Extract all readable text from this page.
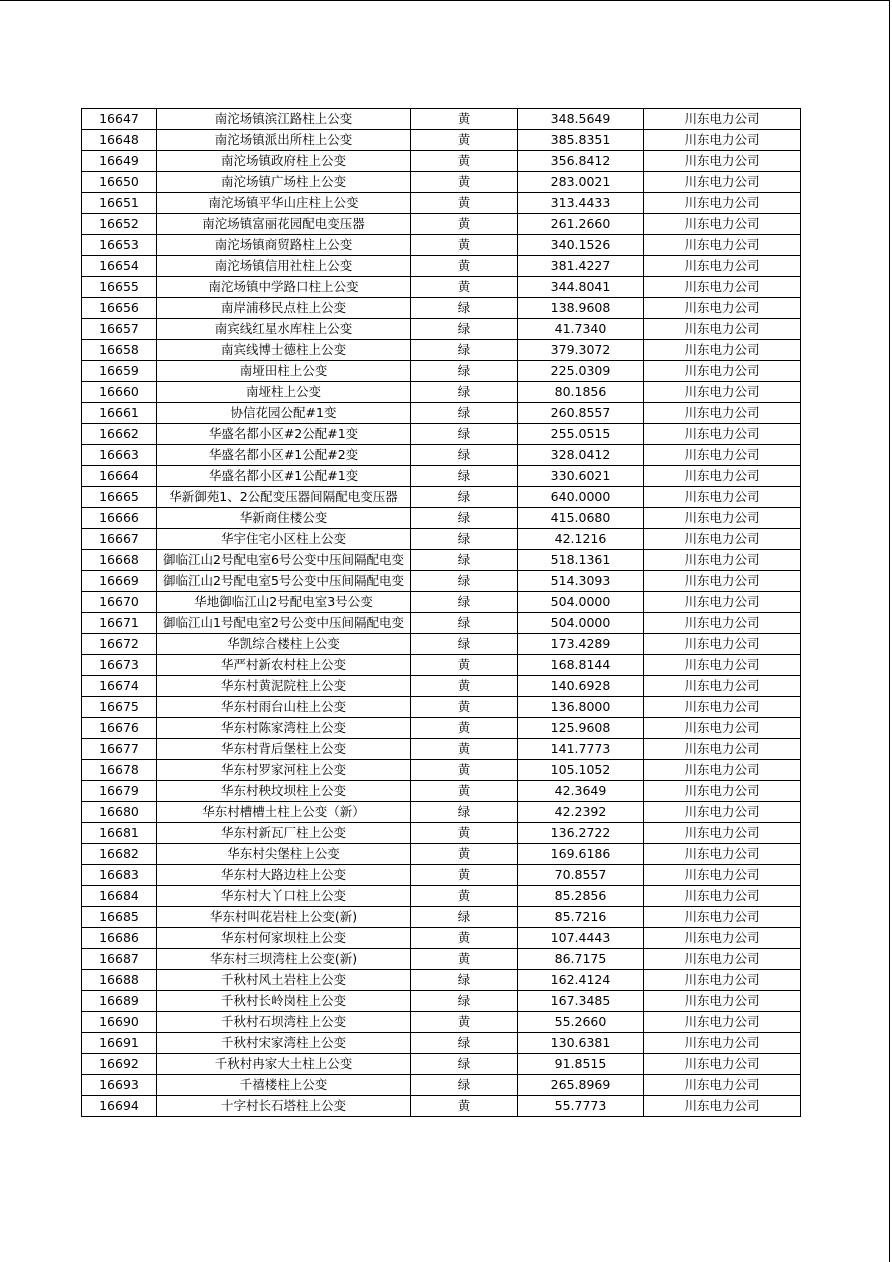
16647	南沱场镇滨江路柱上公变	黄	348.5649	川东电力公司
16648	南沱场镇派出所柱上公变	黄	385.8351	川东电力公司
16649	南沱场镇政府柱上公变	黄	356.8412	川东电力公司
16650	南沱场镇广场柱上公变	黄	283.0021	川东电力公司
16651	南沱场镇平华山庄柱上公变	黄	313.4433	川东电力公司
16652	南沱场镇富丽花园配电变压器	黄	261.2660	川东电力公司
16653	南沱场镇商贸路柱上公变	黄	340.1526	川东电力公司
16654	南沱场镇信用社柱上公变	黄	381.4227	川东电力公司
16655	南沱场镇中学路口柱上公变	黄	344.8041	川东电力公司
16656	南岸浦移民点柱上公变	绿	138.9608	川东电力公司
16657	南宾线红星水库柱上公变	绿	41.7340	川东电力公司
16658	南宾线博士德柱上公变	绿	379.3072	川东电力公司
16659	南垭田柱上公变	绿	225.0309	川东电力公司
16660	南垭柱上公变	绿	80.1856	川东电力公司
16661	协信花园公配#1变	绿	260.8557	川东电力公司
16662	华盛名都小区#2公配#1变	绿	255.0515	川东电力公司
16663	华盛名都小区#1公配#2变	绿	328.0412	川东电力公司
16664	华盛名都小区#1公配#1变	绿	330.6021	川东电力公司
16665	华新御苑1、2公配变压器间隔配电变压器	绿	640.0000	川东电力公司
16666	华新商住楼公变	绿	415.0680	川东电力公司
16667	华宇住宅小区柱上公变	绿	42.1216	川东电力公司
16668	御临江山2号配电室6号公变中压间隔配电变	绿	518.1361	川东电力公司
16669	御临江山2号配电室5号公变中压间隔配电变	绿	514.3093	川东电力公司
16670	华地御临江山2号配电室3号公变	绿	504.0000	川东电力公司
16671	御临江山1号配电室2号公变中压间隔配电变	绿	504.0000	川东电力公司
16672	华凯综合楼柱上公变	绿	173.4289	川东电力公司
16673	华严村新农村柱上公变	黄	168.8144	川东电力公司
16674	华东村黄泥院柱上公变	黄	140.6928	川东电力公司
16675	华东村雨台山柱上公变	黄	136.8000	川东电力公司
16676	华东村陈家湾柱上公变	黄	125.9608	川东电力公司
16677	华东村背后堡柱上公变	黄	141.7773	川东电力公司
16678	华东村罗家河柱上公变	黄	105.1052	川东电力公司
16679	华东村秧坟坝柱上公变	黄	42.3649	川东电力公司
16680	华东村槽槽土柱上公变（新）	绿	42.2392	川东电力公司
16681	华东村新瓦厂柱上公变	黄	136.2722	川东电力公司
16682	华东村尖堡柱上公变	黄	169.6186	川东电力公司
16683	华东村大路边柱上公变	黄	70.8557	川东电力公司
16684	华东村大丫口柱上公变	黄	85.2856	川东电力公司
16685	华东村叫花岩柱上公变(新)	绿	85.7216	川东电力公司
16686	华东村何家坝柱上公变	黄	107.4443	川东电力公司
16687	华东村三坝湾柱上公变(新)	黄	86.7175	川东电力公司
16688	千秋村风土岩柱上公变	绿	162.4124	川东电力公司
16689	千秋村长岭岗柱上公变	绿	167.3485	川东电力公司
16690	千秋村石坝湾柱上公变	黄	55.2660	川东电力公司
16691	千秋村宋家湾柱上公变	绿	130.6381	川东电力公司
16692	千秋村冉家大土柱上公变	绿	91.8515	川东电力公司
16693	千禧楼柱上公变	绿	265.8969	川东电力公司
16694	十字村长石塔柱上公变	黄	55.7773	川东电力公司
